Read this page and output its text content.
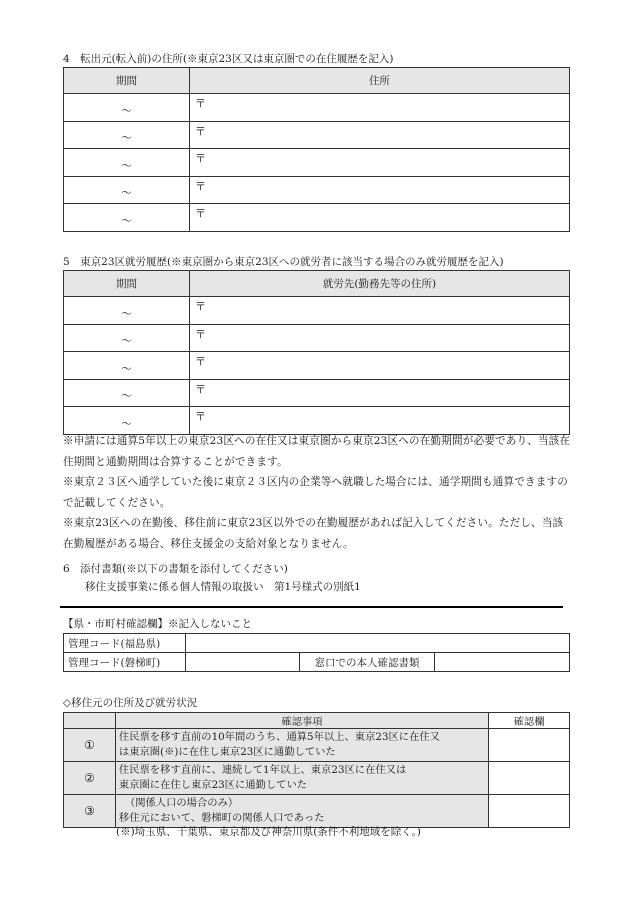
4　転出元(転入前)の住所(※東京23区又は東京圏での在住履歴を記入)
期間	住所
～	〒
～	〒
～	〒
～	〒
～	〒
5　東京23区就労履歴(※東京圏から東京23区への就労者に該当する場合のみ就労履歴を記入)
期間	就労先(勤務先等の住所)
～	〒
～	〒
～	〒
～	〒
～	〒

※申請には通算5年以上の東京23区への在住又は東京圏から東京23区への在勤期間が必要であり、当該在住期間と通勤期間は合算することができます。

※東京２３区へ通学していた後に東京２３区内の企業等へ就職した場合には、通学期間も通算できますので記載してください。

※東京23区への在勤後、移住前に東京23区以外での在勤履歴があれば記入してください。ただし、当該在勤履歴がある場合、移住支援金の支給対象となりません。

6　添付書類(※以下の書類を添付してください)
移住支援事業に係る個人情報の取扱い　第1号様式の別紙1
【県・市町村確認欄】※記入しないこと
管理コード(福島県)			
管理コード(磐梯町)		窓口での本人確認書類	
◇移住元の住所及び就労状況
	確認事項	確認欄
①	住民票を移す直前の10年間のうち、通算5年以上、東京23区に在住又
は東京圏(※)に在住し東京23区に通勤していた	

②	住民票を移す直前に、連続して1年以上、東京23区に在住又は
東京圏に在住し東京23区に通勤していた	

③	（関係人口の場合のみ）
移住元において、磐梯町の関係人口であった	

(※)埼玉県、千葉県、東京都及び神奈川県(条件不利地域を除く。)
